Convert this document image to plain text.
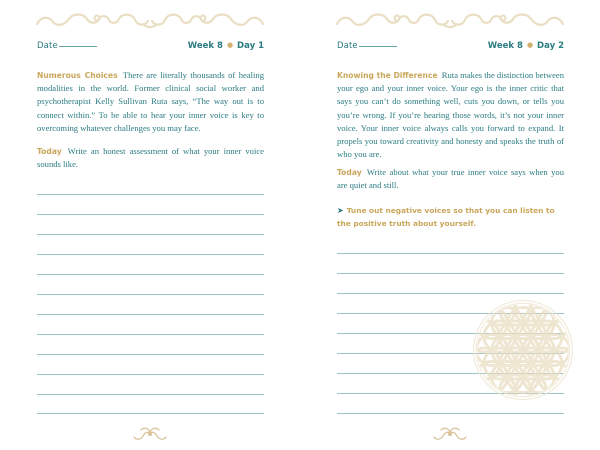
Date	Week 8 ● Day 1
Numerous Choices There are literally thousands of healing modalities in the world. Former clinical social worker and psychotherapist Kelly Sullivan Ruta says, “The way out is to connect within.” To be able to hear your inner voice is key to overcoming whatever challenges you may face.
Today Write an honest assessment of what your inner voice sounds like.
Date	Week 8 ● Day 2
Knowing the Difference Ruta makes the distinction between your ego and your inner voice. Your ego is the inner critic that says you can’t do something well, cuts you down, or tells you you’re wrong. If you’re hearing those words, it’s not your inner voice. Your inner voice always calls you forward to expand. It propels you toward creativity and honesty and speaks the truth of who you are.
Today Write about what your true inner voice says when you are quiet and still.
➤ Tune out negative voices so that you can listen to the positive truth about yourself.
